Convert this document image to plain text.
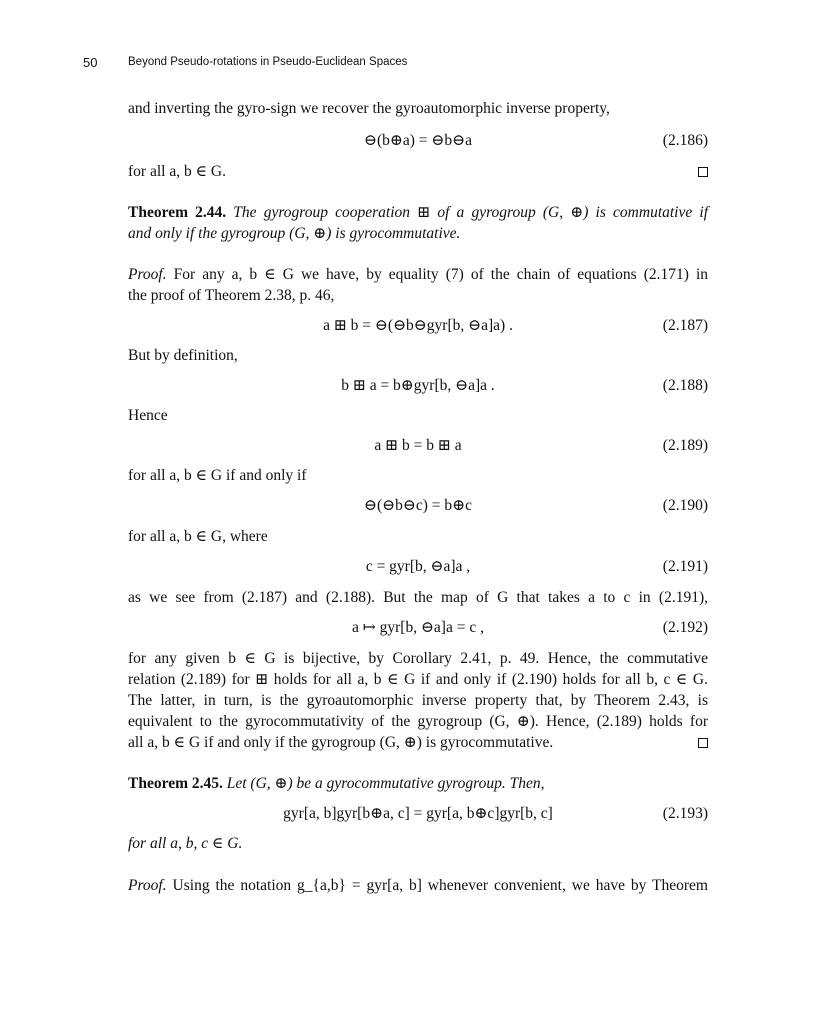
50	Beyond Pseudo-rotations in Pseudo-Euclidean Spaces
and inverting the gyro-sign we recover the gyroautomorphic inverse property,
⊖(b⊕a) = ⊖b⊖a	(2.186)
for all a, b ∈ G.
Theorem 2.44. The gyrogroup cooperation ⊞ of a gyrogroup (G, ⊕) is commutative if
and only if the gyrogroup (G, ⊕) is gyrocommutative.
Proof. For any a, b ∈ G we have, by equality (7) of the chain of equations (2.171) in
the proof of Theorem 2.38, p. 46,
a ⊞ b = ⊖(⊖b⊖gyr[b, ⊖a]a) .	(2.187)
But by definition,
b ⊞ a = b⊕gyr[b, ⊖a]a .	(2.188)
Hence
a ⊞ b = b ⊞ a	(2.189)
for all a, b ∈ G if and only if
⊖(⊖b⊖c) = b⊕c	(2.190)
for all a, b ∈ G, where
c = gyr[b, ⊖a]a ,	(2.191)
as we see from (2.187) and (2.188). But the map of G that takes a to c in (2.191),
a ↦ gyr[b, ⊖a]a = c ,	(2.192)
for any given b ∈ G is bijective, by Corollary 2.41, p. 49. Hence, the commutative
relation (2.189) for ⊞ holds for all a, b ∈ G if and only if (2.190) holds for all b, c ∈ G.
The latter, in turn, is the gyroautomorphic inverse property that, by Theorem 2.43, is
equivalent to the gyrocommutativity of the gyrogroup (G, ⊕). Hence, (2.189) holds for
all a, b ∈ G if and only if the gyrogroup (G, ⊕) is gyrocommutative.
Theorem 2.45. Let (G, ⊕) be a gyrocommutative gyrogroup. Then,
gyr[a, b]gyr[b⊕a, c] = gyr[a, b⊕c]gyr[b, c]	(2.193)
for all a, b, c ∈ G.
Proof. Using the notation g_{a,b} = gyr[a, b] whenever convenient, we have by Theorem
